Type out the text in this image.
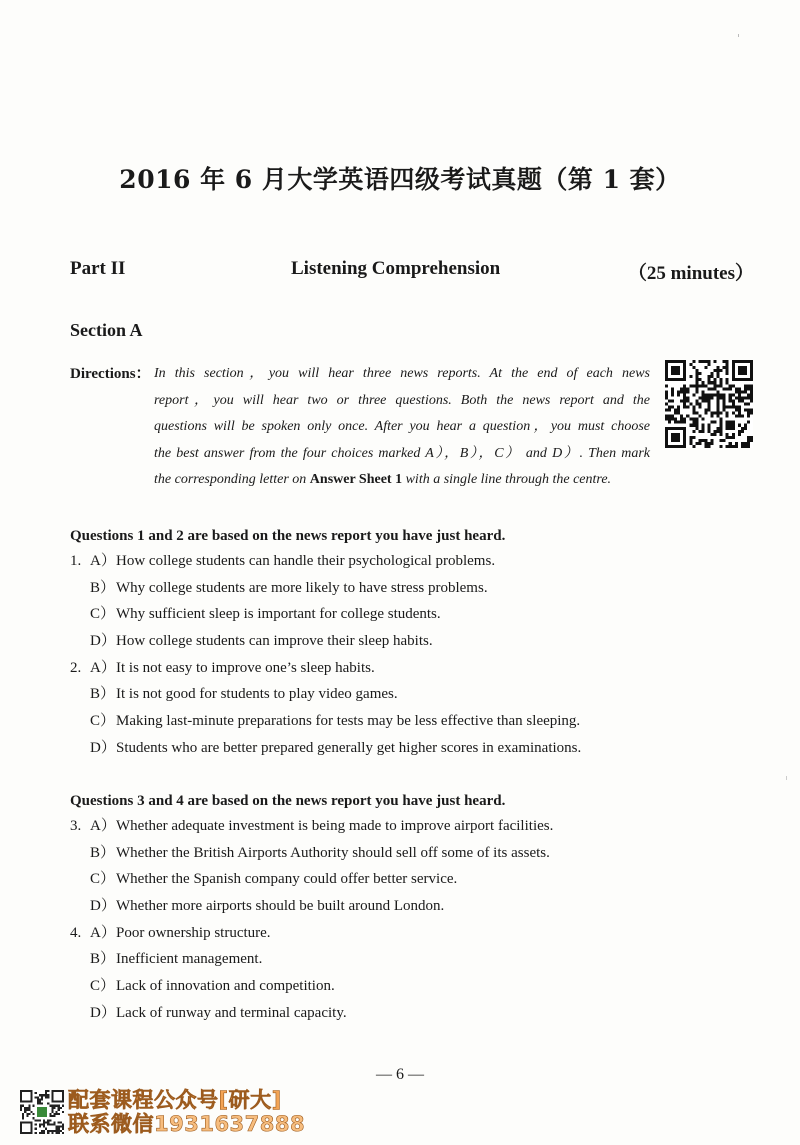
2016 年 6 月大学英语四级考试真题（第 1 套）
Part II	Listening Comprehension	（25 minutes）
Section A
Directions： In this section，you will hear three news reports. At the end of each news
report，you will hear two or three questions. Both the news report and the
questions will be spoken only once. After you hear a question，you must choose
the best answer from the four choices marked A），B），C） and D）. Then mark
the corresponding letter on Answer Sheet 1 with a single line through the centre.
Questions 1 and 2 are based on the news report you have just heard.
1. A）How college students can handle their psychological problems.
B）Why college students are more likely to have stress problems.
C）Why sufficient sleep is important for college students.
D）How college students can improve their sleep habits.
2. A）It is not easy to improve one’s sleep habits.
B）It is not good for students to play video games.
C）Making last-minute preparations for tests may be less effective than sleeping.
D）Students who are better prepared generally get higher scores in examinations.
Questions 3 and 4 are based on the news report you have just heard.
3. A）Whether adequate investment is being made to improve airport facilities.
B）Whether the British Airports Authority should sell off some of its assets.
C）Whether the Spanish company could offer better service.
D）Whether more airports should be built around London.
4. A）Poor ownership structure.
B）Inefficient management.
C）Lack of innovation and competition.
D）Lack of runway and terminal capacity.
— 6 —
配套课程公众号[研大]
联系微信1931637888
